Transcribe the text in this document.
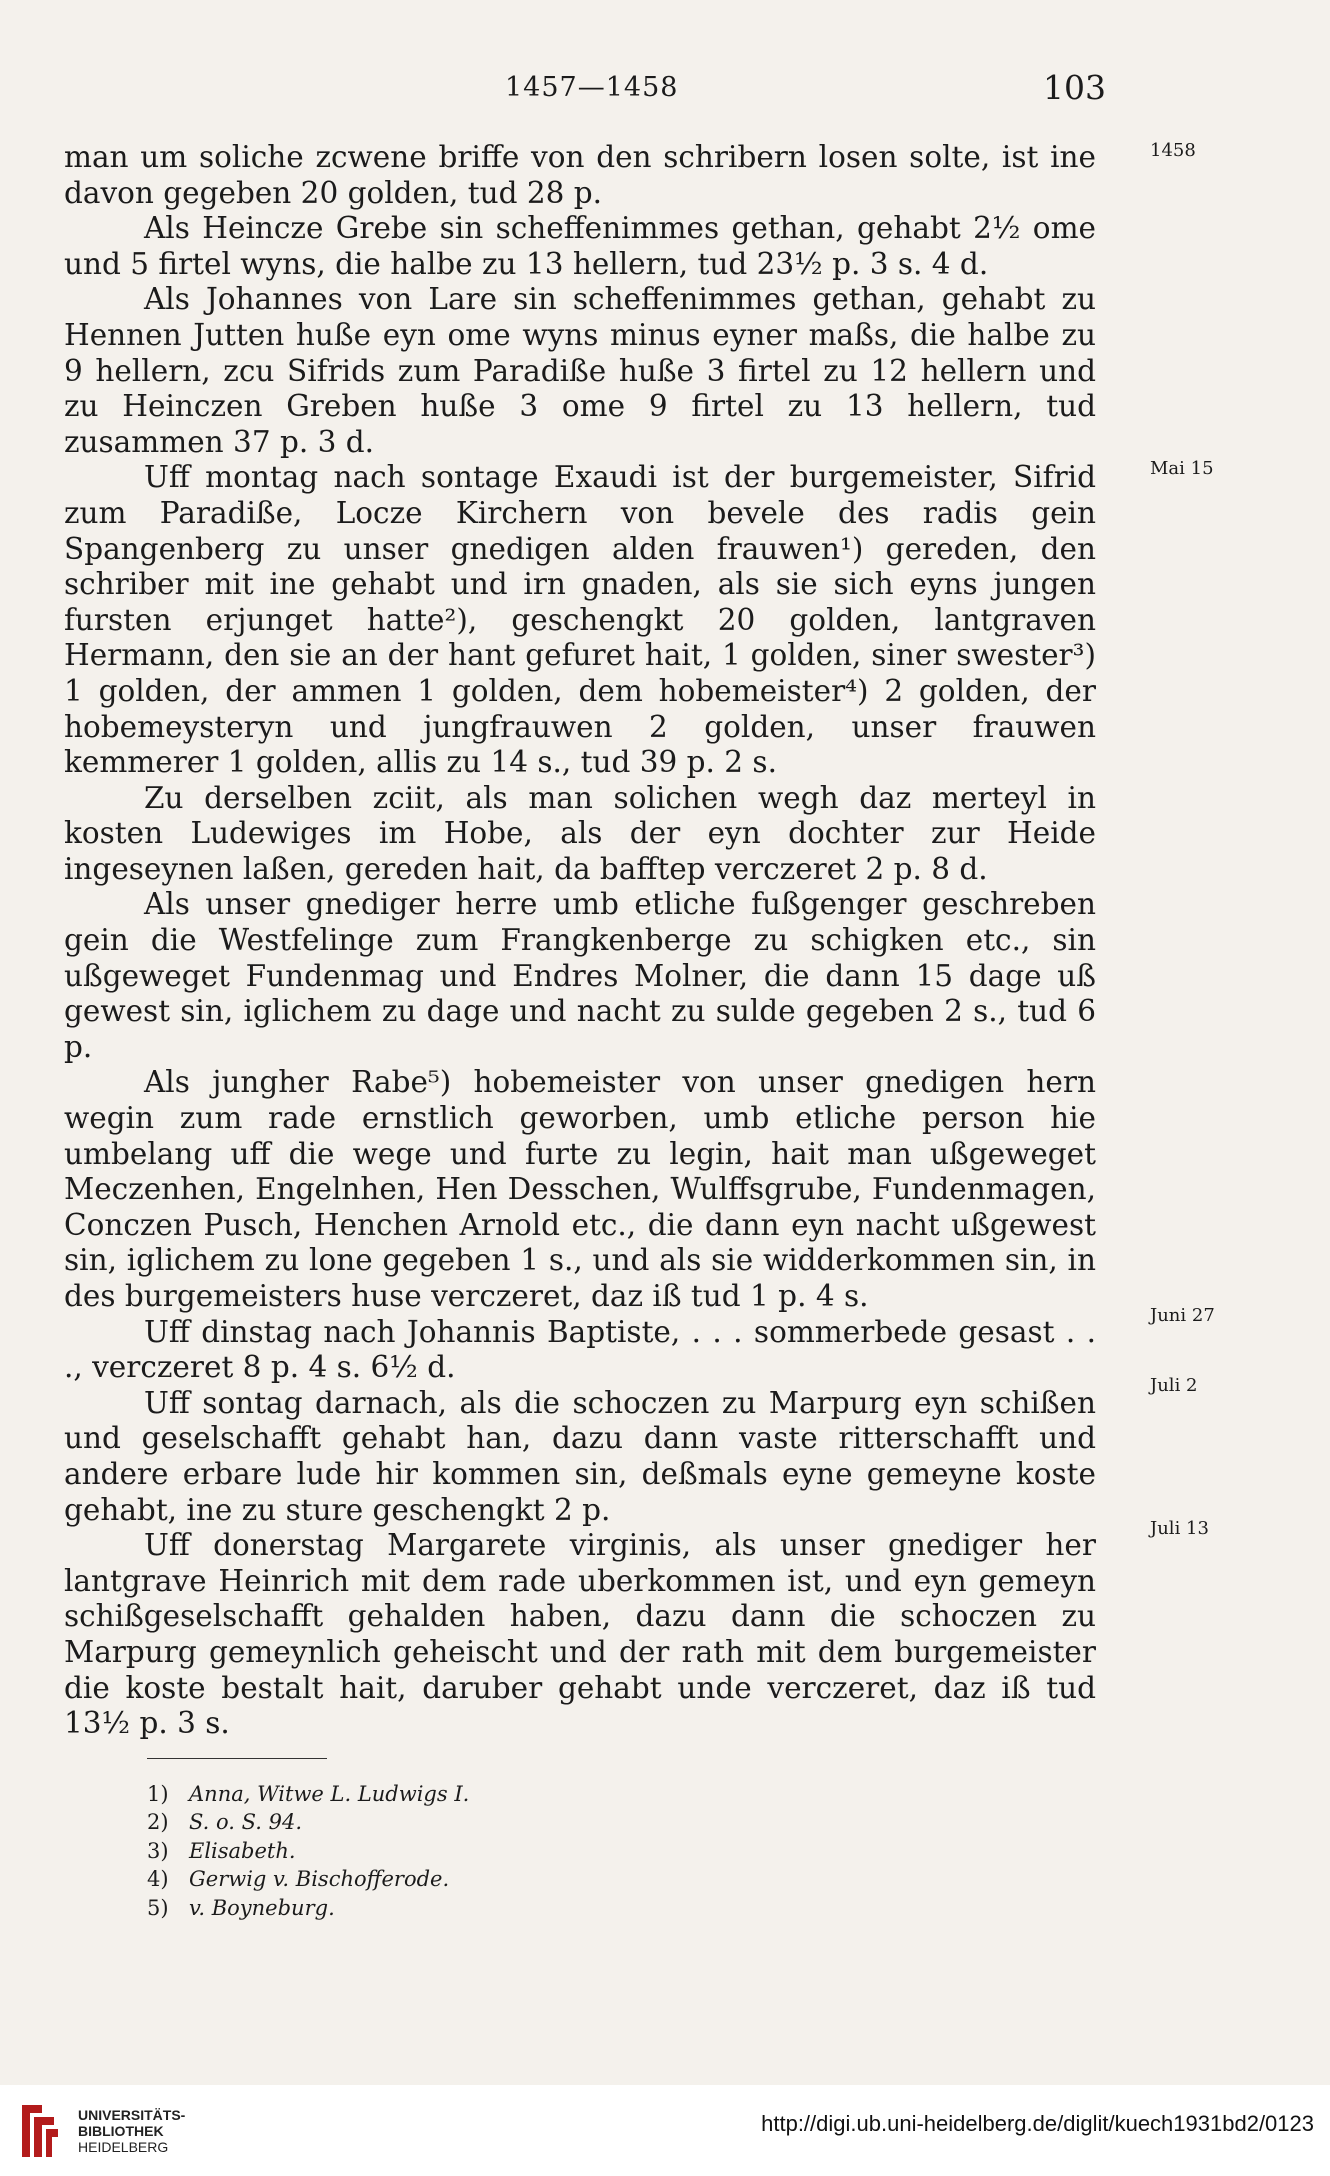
1457—1458	103

man um soliche zcwene briffe von den schribern losen solte, ist ine davon gegeben 20 golden, tud 28 p.

Als Heincze Grebe sin scheffenimmes gethan, gehabt 2½ ome und 5 firtel wyns, die halbe zu 13 hellern, tud 23½ p. 3 s. 4 d.

Als Johannes von Lare sin scheffenimmes gethan, gehabt zu Hennen Jutten huße eyn ome wyns minus eyner maßs, die halbe zu 9 hellern, zcu Sifrids zum Paradiße huße 3 firtel zu 12 hellern und zu Heinczen Greben huße 3 ome 9 firtel zu 13 hellern, tud zusammen 37 p. 3 d.

Uff montag nach sontage Exaudi ist der burgemeister, Sifrid zum Paradiße, Locze Kirchern von bevele des radis gein Spangenberg zu unser gnedigen alden frauwen¹) gereden, den schriber mit ine gehabt und irn gnaden, als sie sich eyns jungen fursten erjunget hatte²), geschengkt 20 golden, lantgraven Hermann, den sie an der hant gefuret hait, 1 golden, siner swester³) 1 golden, der ammen 1 golden, dem hobemeister⁴) 2 golden, der hobemeysteryn und jungfrauwen 2 golden, unser frauwen kemmerer 1 golden, allis zu 14 s., tud 39 p. 2 s.

Zu derselben zciit, als man solichen wegh daz merteyl in kosten Ludewiges im Hobe, als der eyn dochter zur Heide ingeseynen laßen, gereden hait, da bafftер verczeret 2 p. 8 d.

Als unser gnediger herre umb etliche fußgenger geschreben gein die Westfelinge zum Frangkenberge zu schigken etc., sin ußgeweget Fundenmag und Endres Molner, die dann 15 dage uß gewest sin, iglichem zu dage und nacht zu sulde gegeben 2 s., tud 6 p.

Als jungher Rabe⁵) hobemeister von unser gnedigen hern wegin zum rade ernstlich geworben, umb etliche person hie umbelang uff die wege und furte zu legin, hait man ußgeweget Meczenhen, Engelnhen, Hen Desschen, Wulffsgrube, Fundenmagen, Conczen Pusch, Henchen Arnold etc., die dann eyn nacht ußgewest sin, iglichem zu lone gegeben 1 s., und als sie widderkommen sin, in des burgemeisters huse verczeret, daz iß tud 1 p. 4 s.

Uff dinstag nach Johannis Baptiste, . . . sommerbede gesast . . ., verczeret 8 p. 4 s. 6½ d.

Uff sontag darnach, als die schoczen zu Marpurg eyn schißen und geselschafft gehabt han, dazu dann vaste ritterschafft und andere erbare lude hir kommen sin, deßmals eyne gemeyne koste gehabt, ine zu sture geschengkt 2 p.

Uff donerstag Margarete virginis, als unser gnediger her lantgrave Heinrich mit dem rade uberkommen ist, und eyn gemeyn schißgeselschafft gehalden haben, dazu dann die schoczen zu Marpurg gemeynlich geheischt und der rath mit dem burgemeister die koste bestalt hait, daruber gehabt unde verczeret, daz iß tud 13½ p. 3 s.

1458
Mai 15
Juni 27
Juli 2
Juli 13
1) Anna, Witwe L. Ludwigs I.
2) S. o. S. 94.
3) Elisabeth.
4) Gerwig v. Bischofferode.
5) v. Boyneburg.
UNIVERSITÄTS-
BIBLIOTHEK
HEIDELBERG
http://digi.ub.uni-heidelberg.de/diglit/kuech1931bd2/0123
